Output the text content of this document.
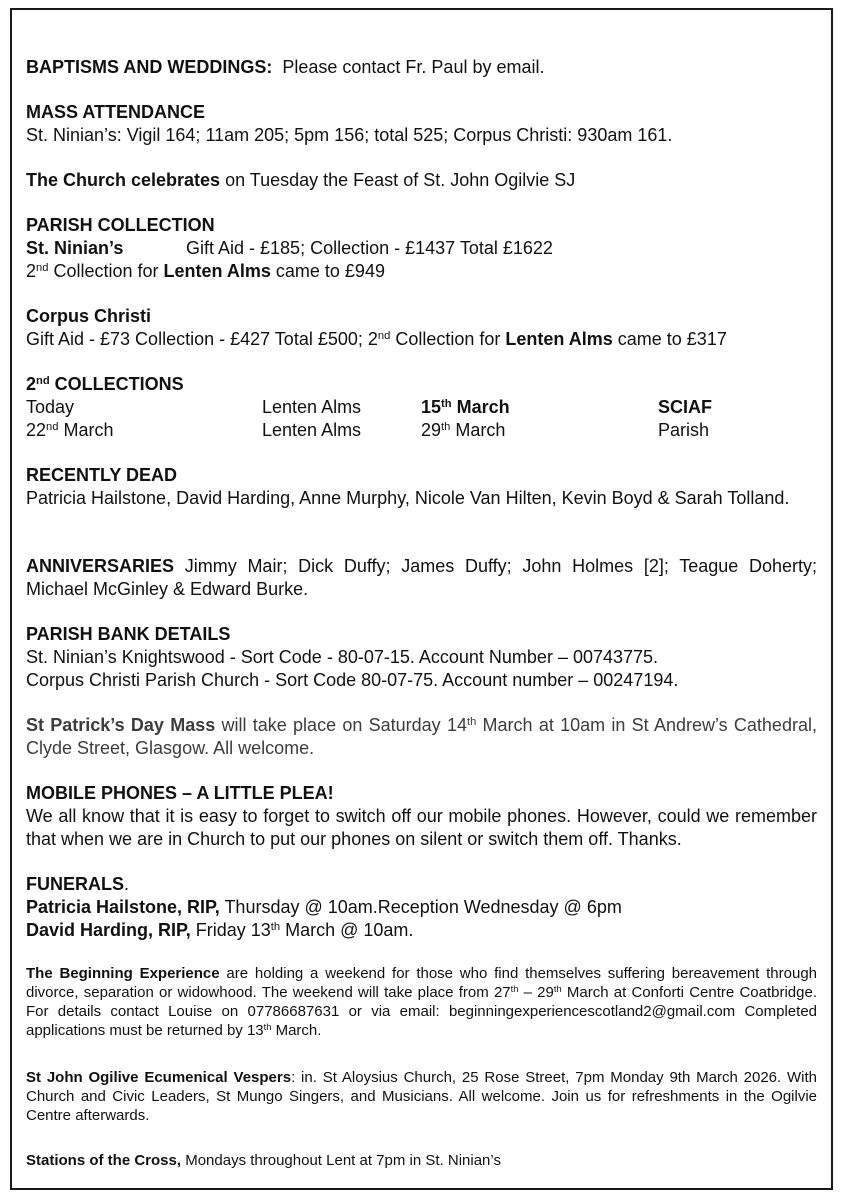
BAPTISMS AND WEDDINGS: Please contact Fr. Paul by email.
MASS ATTENDANCE
St. Ninian’s: Vigil 164; 11am 205; 5pm 156; total 525; Corpus Christi: 930am 161.
The Church celebrates on Tuesday the Feast of St. John Ogilvie SJ
PARISH COLLECTION
St. Ninian’s	Gift Aid - £185; Collection - £1437 Total £1622
2nd Collection for Lenten Alms came to £949
Corpus Christi
Gift Aid - £73 Collection - £427 Total £500; 2nd Collection for Lenten Alms came to £317
2nd COLLECTIONS
Today	Lenten Alms	15th March	SCIAF
22nd March	Lenten Alms	29th March	Parish
RECENTLY DEAD
Patricia Hailstone, David Harding, Anne Murphy, Nicole Van Hilten, Kevin Boyd & Sarah Tolland.
ANNIVERSARIES Jimmy Mair; Dick Duffy; James Duffy; John Holmes [2]; Teague Doherty; Michael McGinley & Edward Burke.
PARISH BANK DETAILS
St. Ninian’s Knightswood - Sort Code - 80-07-15. Account Number – 00743775.
Corpus Christi Parish Church - Sort Code 80-07-75. Account number – 00247194.
St Patrick’s Day Mass will take place on Saturday 14th March at 10am in St Andrew’s Cathedral, Clyde Street, Glasgow. All welcome.
MOBILE PHONES – A LITTLE PLEA!
We all know that it is easy to forget to switch off our mobile phones. However, could we remember that when we are in Church to put our phones on silent or switch them off. Thanks.
FUNERALS.
Patricia Hailstone, RIP, Thursday @ 10am.Reception Wednesday @ 6pm
David Harding, RIP, Friday 13th March @ 10am.
The Beginning Experience are holding a weekend for those who find themselves suffering bereavement through divorce, separation or widowhood. The weekend will take place from 27th – 29th March at Conforti Centre Coatbridge. For details contact Louise on 07786687631 or via email: beginningexperiencescotland2@gmail.com Completed applications must be returned by 13th March.
St John Ogilive Ecumenical Vespers: in. St Aloysius Church, 25 Rose Street, 7pm Monday 9th March 2026. With Church and Civic Leaders, St Mungo Singers, and Musicians. All welcome. Join us for refreshments in the Ogilvie Centre afterwards.
Stations of the Cross, Mondays throughout Lent at 7pm in St. Ninian’s
